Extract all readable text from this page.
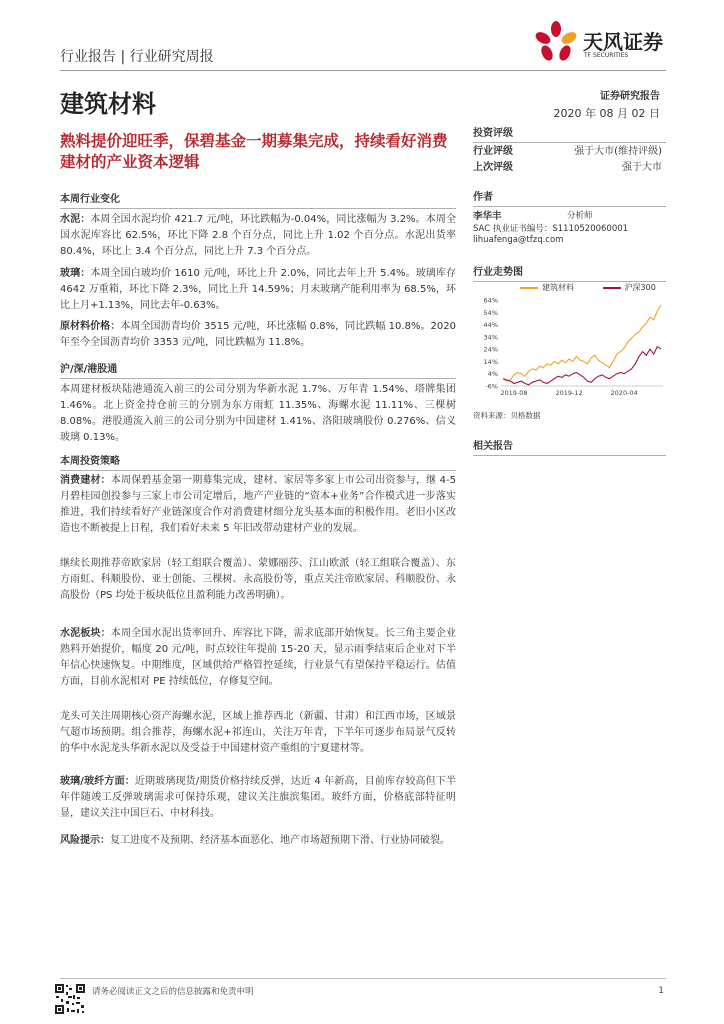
行业报告 | 行业研究周报
天风证券
TF SECURITIES
建筑材料	证券研究报告
2020 年 08 月 02 日
熟料提价迎旺季，保碧基金一期募集完成，持续看好消费建材的产业资本逻辑
本周行业变化
水泥：本周全国水泥均价 421.7 元/吨，环比跌幅为-0.04%，同比涨幅为 3.2%。本周全国水泥库容比 62.5%，环比下降 2.8 个百分点，同比上升 1.02 个百分点。水泥出货率 80.4%，环比上 3.4 个百分点，同比上升 7.3 个百分点。
玻璃：本周全国白玻均价 1610 元/吨，环比上升 2.0%，同比去年上升 5.4%。玻璃库存 4642 万重箱，环比下降 2.3%，同比上升 14.59%；月末玻璃产能利用率为 68.5%，环比上月+1.13%，同比去年-0.63%。
原材料价格：本周全国沥青均价 3515 元/吨，环比涨幅 0.8%，同比跌幅 10.8%。2020 年至今全国沥青均价 3353 元/吨，同比跌幅为 11.8%。
沪/深/港股通
本周建材板块陆港通流入前三的公司分别为华新水泥 1.7%、万年青 1.54%、塔牌集团 1.46%。北上资金持仓前三的分别为东方雨虹 11.35%、海螺水泥 11.11%、三棵树 8.08%。港股通流入前三的公司分别为中国建材 1.41%、洛阳玻璃股份 0.276%、信义玻璃 0.13%。
本周投资策略
消费建材：本周保碧基金第一期募集完成，建材、家居等多家上市公司出资参与，继 4-5 月碧桂园创投参与三家上市公司定增后，地产产业链的“资本+业务”合作模式进一步落实推进，我们持续看好产业链深度合作对消费建材细分龙头基本面的积极作用。老旧小区改造也不断被提上日程，我们看好未来 5 年旧改带动建材产业的发展。
继续长期推荐帝欧家居（轻工组联合覆盖）、蒙娜丽莎、江山欧派（轻工组联合覆盖）、东方雨虹、科顺股份、亚士创能、三棵树、永高股份等，重点关注帝欧家居、科顺股份、永高股份（PS 均处于板块低位且盈利能力改善明确）。
水泥板块：本周全国水泥出货率回升、库容比下降，需求底部开始恢复。长三角主要企业熟料开始提价，幅度 20 元/吨，时点较往年提前 15-20 天，显示雨季结束后企业对下半年信心快速恢复。中期维度，区域供给严格管控延续，行业景气有望保持平稳运行。估值方面，目前水泥相对 PE 持续低位，存修复空间。
龙头可关注周期核心资产海螺水泥，区域上推荐西北（新疆、甘肃）和江西市场，区域景气超市场预期。组合推荐，海螺水泥+祁连山，关注万年青，下半年可逐步布局景气反转的华中水泥龙头华新水泥以及受益于中国建材资产重组的宁夏建材等。
玻璃/玻纤方面：近期玻璃现货/期货价格持续反弹，达近 4 年新高，目前库存较高但下半年伴随竣工反弹玻璃需求可保持乐观，建议关注旗滨集团。玻纤方面，价格底部特征明显，建议关注中国巨石、中材科技。
风险提示：复工进度不及预期、经济基本面恶化、地产市场超预期下滑、行业协同破裂。
投资评级
行业评级	强于大市(维持评级)
上次评级	强于大市
作者
李华丰	分析师
SAC 执业证书编号：S1110520060001
lihuafenga@tfzq.com
行业走势图
建筑材料	沪深300
64%
54%
44%
34%
24%
14%
4%
-6%
2019-08	2019-12	2020-04
资料来源：贝格数据
相关报告
请务必阅读正文之后的信息披露和免责申明	1
